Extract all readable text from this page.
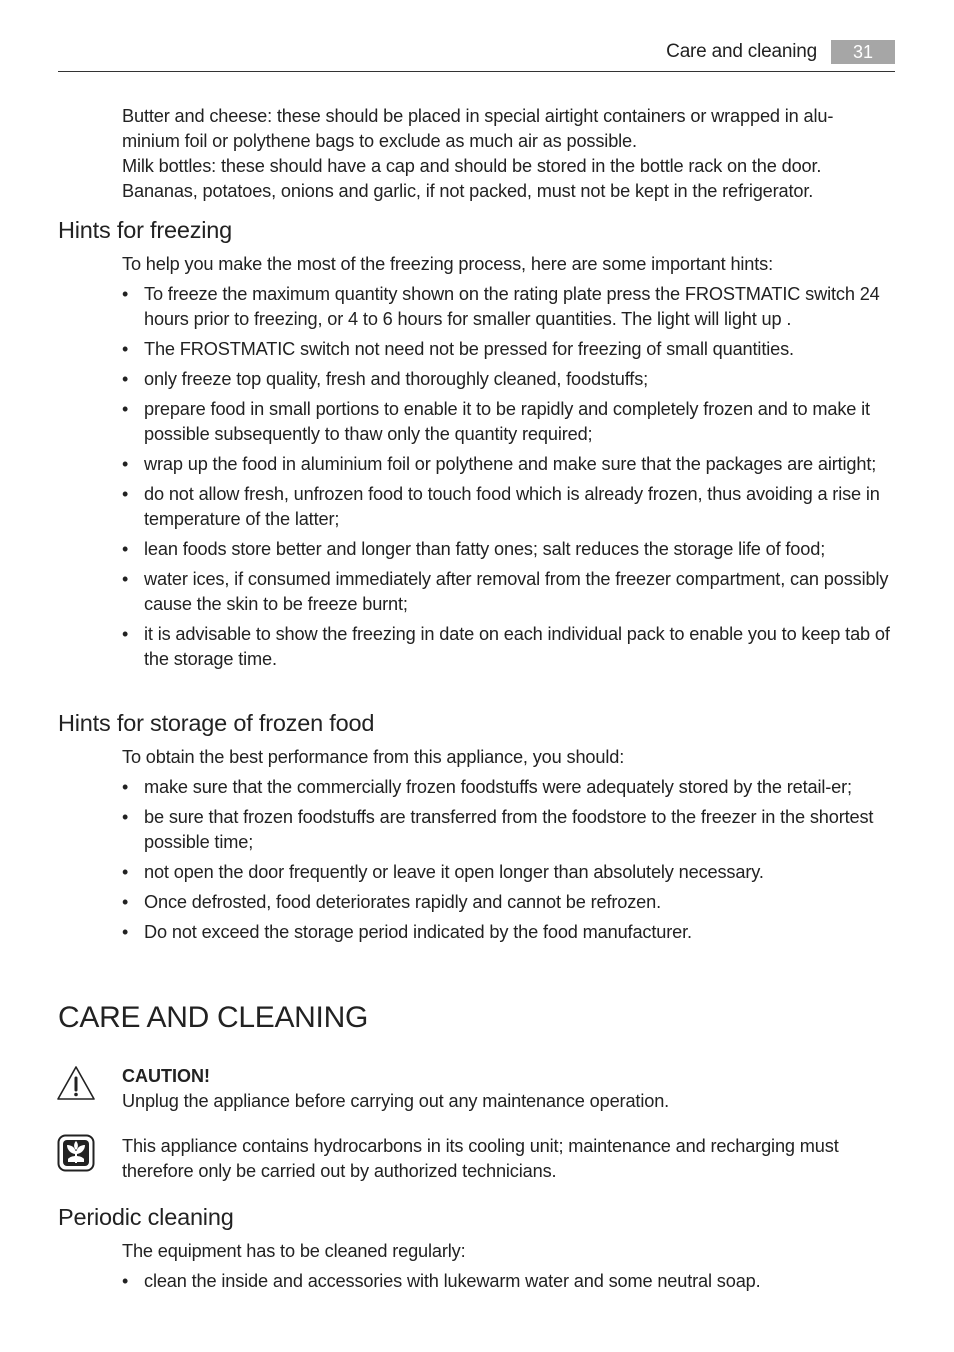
Care and cleaning	31
Butter and cheese: these should be placed in special airtight containers or wrapped in alu-
minium foil or polythene bags to exclude as much air as possible.
Milk bottles: these should have a cap and should be stored in the bottle rack on the door.
Bananas, potatoes, onions and garlic, if not packed, must not be kept in the refrigerator.
Hints for freezing
To help you make the most of the freezing process, here are some important hints:
• To freeze the maximum quantity shown on the rating plate press the FROSTMATIC switch 24 hours prior to freezing, or 4 to 6 hours for smaller quantities. The light will light up .
• The FROSTMATIC switch not need not be pressed for freezing of small quantities.
• only freeze top quality, fresh and thoroughly cleaned, foodstuffs;
• prepare food in small portions to enable it to be rapidly and completely frozen and to make it possible subsequently to thaw only the quantity required;
• wrap up the food in aluminium foil or polythene and make sure that the packages are airtight;
• do not allow fresh, unfrozen food to touch food which is already frozen, thus avoiding a rise in temperature of the latter;
• lean foods store better and longer than fatty ones; salt reduces the storage life of food;
• water ices, if consumed immediately after removal from the freezer compartment, can possibly cause the skin to be freeze burnt;
• it is advisable to show the freezing in date on each individual pack to enable you to keep tab of the storage time.
Hints for storage of frozen food
To obtain the best performance from this appliance, you should:
• make sure that the commercially frozen foodstuffs were adequately stored by the retail-er;
• be sure that frozen foodstuffs are transferred from the foodstore to the freezer in the shortest possible time;
• not open the door frequently or leave it open longer than absolutely necessary.
• Once defrosted, food deteriorates rapidly and cannot be refrozen.
• Do not exceed the storage period indicated by the food manufacturer.
CARE AND CLEANING
CAUTION!
Unplug the appliance before carrying out any maintenance operation.
This appliance contains hydrocarbons in its cooling unit; maintenance and recharging must therefore only be carried out by authorized technicians.
Periodic cleaning
The equipment has to be cleaned regularly:
• clean the inside and accessories with lukewarm water and some neutral soap.
